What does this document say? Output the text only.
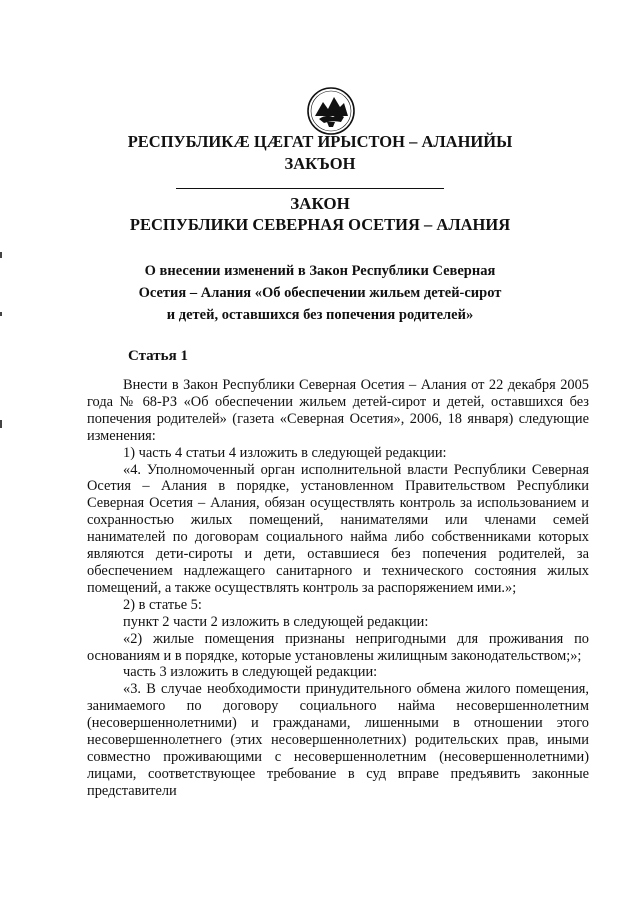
РЕСПУБЛИКÆ ЦÆГАТ ИРЫСТОН – АЛАНИЙЫ
ЗАКЪОН
ЗАКОН
РЕСПУБЛИКИ СЕВЕРНАЯ ОСЕТИЯ – АЛАНИЯ
О внесении изменений в Закон Республики Северная
Осетия – Алания «Об обеспечении жильем детей-сирот
и детей, оставшихся без попечения родителей»
Статья 1

Внести в Закон Республики Северная Осетия – Алания от 22 декабря 2005 года № 68-РЗ «Об обеспечении жильем детей-сирот и детей, оставшихся без попечения родителей» (газета «Северная Осетия», 2006, 18 января) следующие изменения:

1) часть 4 статьи 4 изложить в следующей редакции:

«4. Уполномоченный орган исполнительной власти Республики Северная Осетия – Алания в порядке, установленном Правительством Республики Северная Осетия – Алания, обязан осуществлять контроль за использованием и сохранностью жилых помещений, нанимателями или членами семей нанимателей по договорам социального найма либо собственниками которых являются дети-сироты и дети, оставшиеся без попечения родителей, за обеспечением надлежащего санитарного и технического состояния жилых помещений, а также осуществлять контроль за распоряжением ими.»;

2) в статье 5:

пункт 2 части 2 изложить в следующей редакции:

«2) жилые помещения признаны непригодными для проживания по основаниям и в порядке, которые установлены жилищным законодательством;»;

часть 3 изложить в следующей редакции:

«3. В случае необходимости принудительного обмена жилого помещения, занимаемого по договору социального найма несовершеннолетним (несовершеннолетними) и гражданами, лишенными в отношении этого несовершеннолетнего (этих несовершеннолетних) родительских прав, иными совместно проживающими с несовершеннолетним (несовершеннолетними) лицами, соответствующее требование в суд вправе предъявить законные представители
